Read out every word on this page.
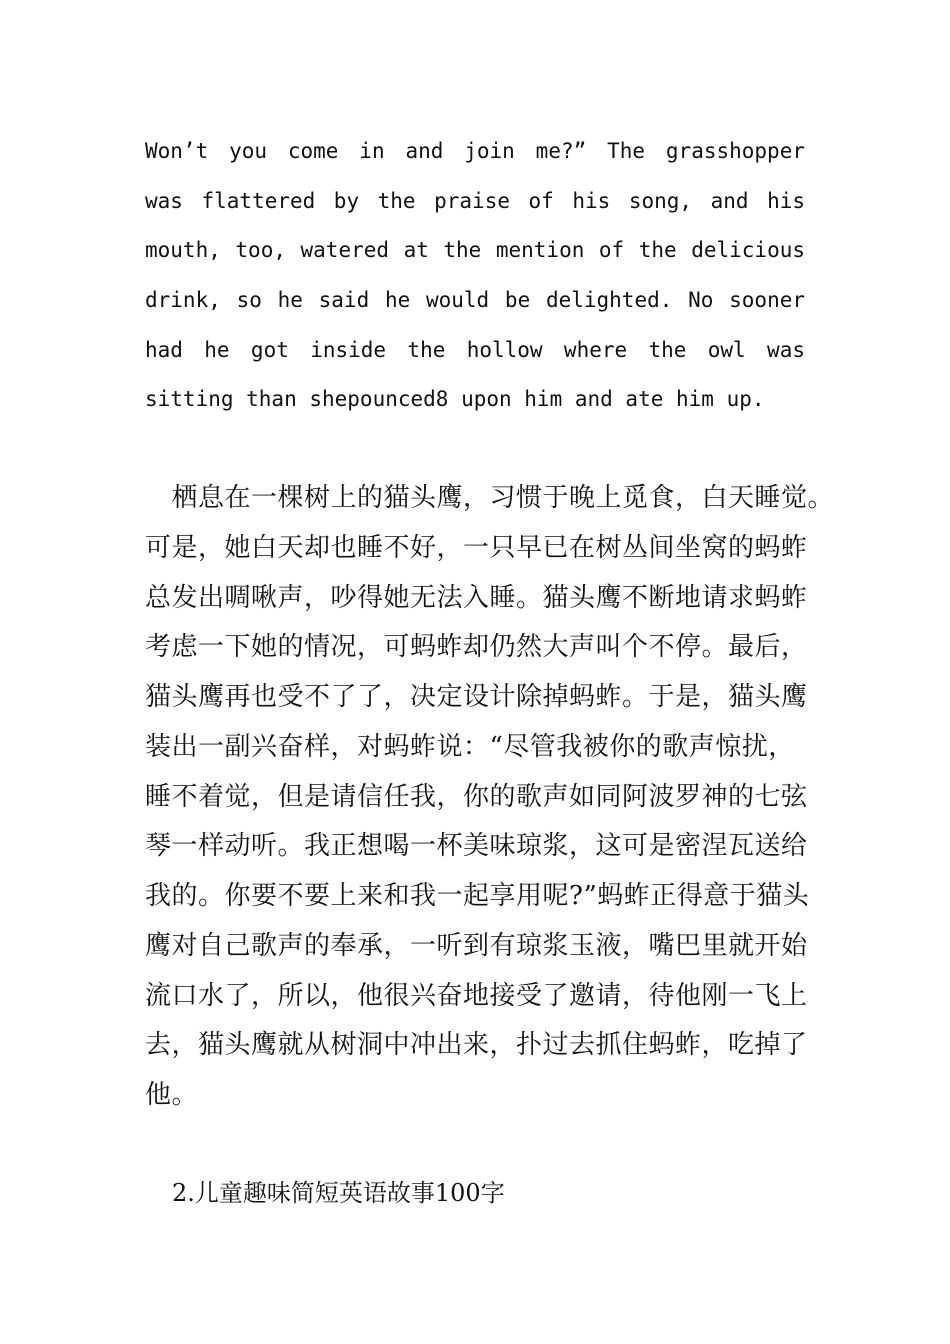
Won’t you come in and join me?” The grasshopper
was flattered by the praise of his song, and his
mouth, too, watered at the mention of the delicious
drink, so he said he would be delighted. No sooner
had he got inside the hollow where the owl was
sitting than shepounced8 upon him and ate him up.
　栖息在一棵树上的猫头鹰，习惯于晚上觅食，白天睡觉。
可是，她白天却也睡不好，一只早已在树丛间坐窝的蚂蚱
总发出啁啾声，吵得她无法入睡。猫头鹰不断地请求蚂蚱
考虑一下她的情况，可蚂蚱却仍然大声叫个不停。最后，
猫头鹰再也受不了了，决定设计除掉蚂蚱。于是，猫头鹰
装出一副兴奋样，对蚂蚱说：“尽管我被你的歌声惊扰，
睡不着觉，但是请信任我，你的歌声如同阿波罗神的七弦
琴一样动听。我正想喝一杯美味琼浆，这可是密涅瓦送给
我的。你要不要上来和我一起享用呢?”蚂蚱正得意于猫头
鹰对自己歌声的奉承，一听到有琼浆玉液，嘴巴里就开始
流口水了，所以，他很兴奋地接受了邀请，待他刚一飞上
去，猫头鹰就从树洞中冲出来，扑过去抓住蚂蚱，吃掉了
他。
2.儿童趣味简短英语故事100字
